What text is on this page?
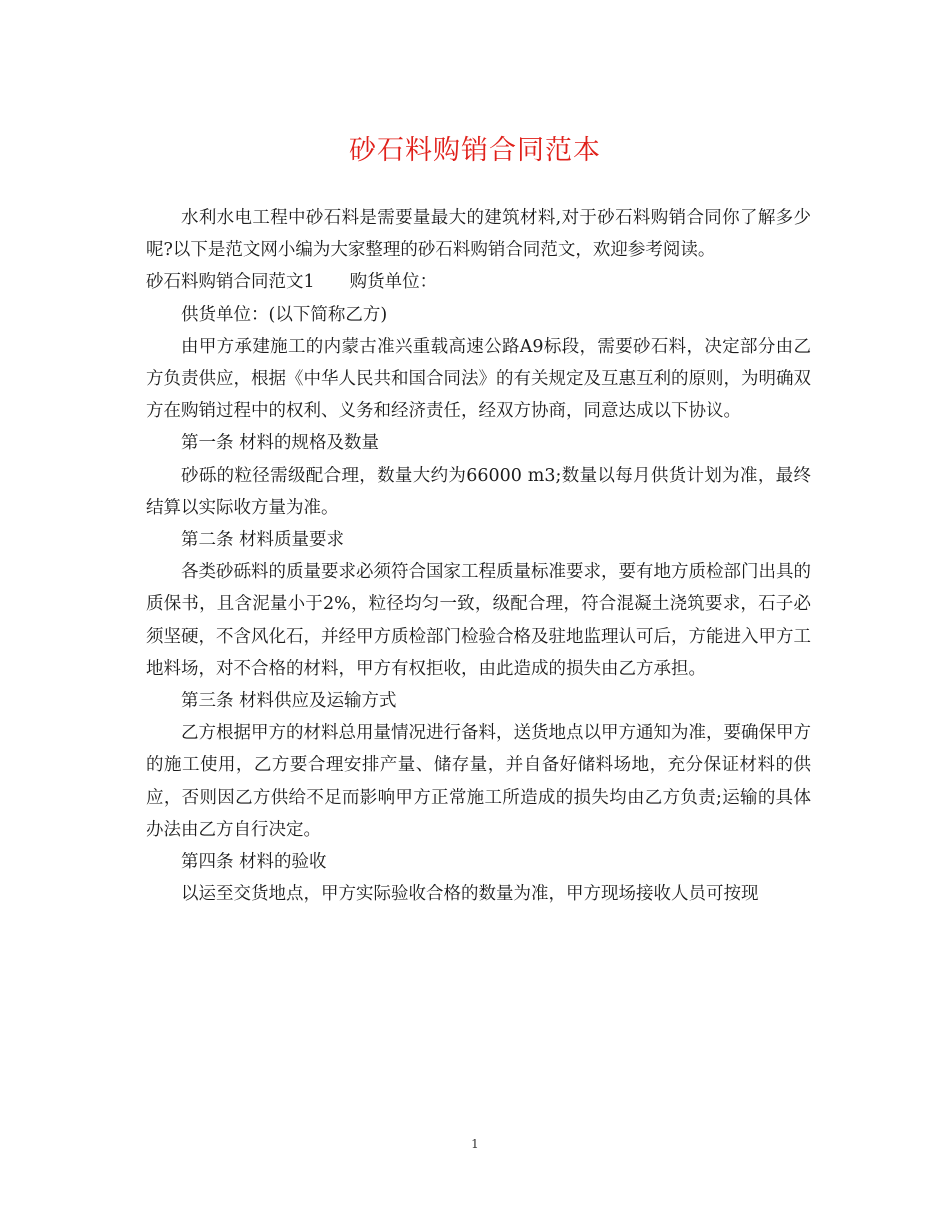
砂石料购销合同范本

水利水电工程中砂石料是需要量最大的建筑材料,对于砂石料购销合同你了解多少呢?以下是范文网小编为大家整理的砂石料购销合同范文，欢迎参考阅读。

砂石料购销合同范文1　　购货单位：

供货单位：(以下简称乙方)

由甲方承建施工的内蒙古准兴重载高速公路A9标段，需要砂石料，决定部分由乙方负责供应，根据《中华人民共和国合同法》的有关规定及互惠互利的原则，为明确双方在购销过程中的权利、义务和经济责任，经双方协商，同意达成以下协议。

第一条 材料的规格及数量

砂砾的粒径需级配合理，数量大约为66000 m3;数量以每月供货计划为准，最终结算以实际收方量为准。

第二条 材料质量要求

各类砂砾料的质量要求必须符合国家工程质量标准要求，要有地方质检部门出具的质保书，且含泥量小于2%，粒径均匀一致，级配合理，符合混凝土浇筑要求，石子必须坚硬，不含风化石，并经甲方质检部门检验合格及驻地监理认可后，方能进入甲方工地料场，对不合格的材料，甲方有权拒收，由此造成的损失由乙方承担。

第三条 材料供应及运输方式

乙方根据甲方的材料总用量情况进行备料，送货地点以甲方通知为准，要确保甲方的施工使用，乙方要合理安排产量、储存量，并自备好储料场地，充分保证材料的供应，否则因乙方供给不足而影响甲方正常施工所造成的损失均由乙方负责;运输的具体办法由乙方自行决定。

第四条 材料的验收

以运至交货地点，甲方实际验收合格的数量为准，甲方现场接收人员可按现

1
